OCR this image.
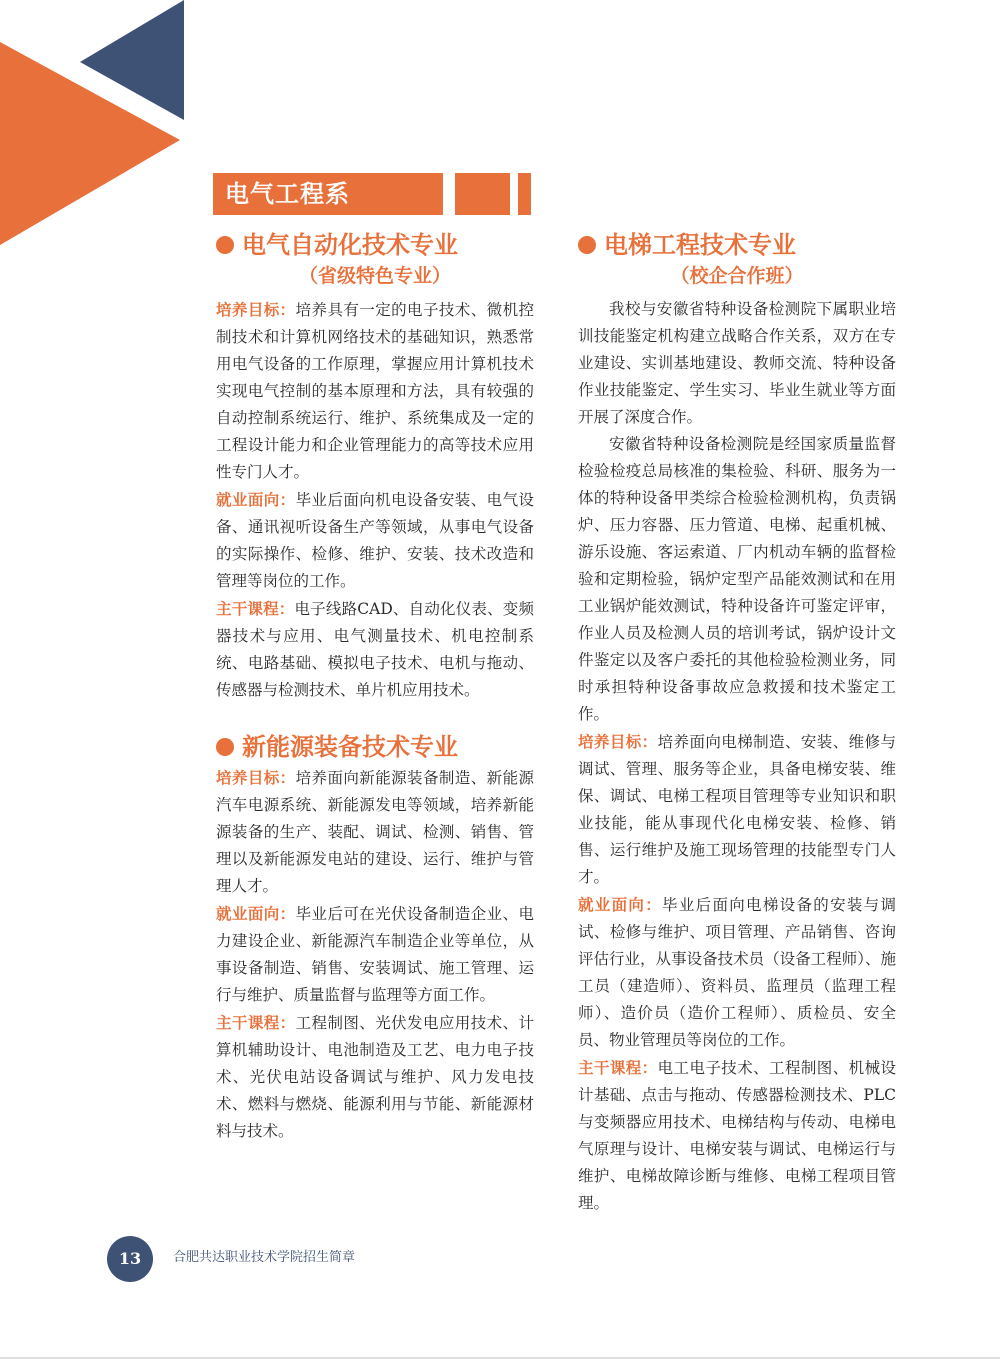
电气工程系
电气自动化技术专业
（省级特色专业）

培养目标：培养具有一定的电子技术、微机控制技术和计算机网络技术的基础知识，熟悉常用电气设备的工作原理，掌握应用计算机技术实现电气控制的基本原理和方法，具有较强的自动控制系统运行、维护、系统集成及一定的工程设计能力和企业管理能力的高等技术应用性专门人才。

就业面向：毕业后面向机电设备安装、电气设备、通讯视听设备生产等领域，从事电气设备的实际操作、检修、维护、安装、技术改造和管理等岗位的工作。

主干课程：电子线路CAD、自动化仪表、变频器技术与应用、电气测量技术、机电控制系统、电路基础、模拟电子技术、电机与拖动、传感器与检测技术、单片机应用技术。

新能源装备技术专业

培养目标：培养面向新能源装备制造、新能源汽车电源系统、新能源发电等领域，培养新能源装备的生产、装配、调试、检测、销售、管理以及新能源发电站的建设、运行、维护与管理人才。

就业面向：毕业后可在光伏设备制造企业、电力建设企业、新能源汽车制造企业等单位，从事设备制造、销售、安装调试、施工管理、运行与维护、质量监督与监理等方面工作。

主干课程：工程制图、光伏发电应用技术、计算机辅助设计、电池制造及工艺、电力电子技术、光伏电站设备调试与维护、风力发电技术、燃料与燃烧、能源利用与节能、新能源材料与技术。

电梯工程技术专业
（校企合作班）

我校与安徽省特种设备检测院下属职业培训技能鉴定机构建立战略合作关系，双方在专业建设、实训基地建设、教师交流、特种设备作业技能鉴定、学生实习、毕业生就业等方面开展了深度合作。

安徽省特种设备检测院是经国家质量监督检验检疫总局核准的集检验、科研、服务为一体的特种设备甲类综合检验检测机构，负责锅炉、压力容器、压力管道、电梯、起重机械、游乐设施、客运索道、厂内机动车辆的监督检验和定期检验，锅炉定型产品能效测试和在用工业锅炉能效测试，特种设备许可鉴定评审，作业人员及检测人员的培训考试，锅炉设计文件鉴定以及客户委托的其他检验检测业务，同时承担特种设备事故应急救援和技术鉴定工作。

培养目标：培养面向电梯制造、安装、维修与调试、管理、服务等企业，具备电梯安装、维保、调试、电梯工程项目管理等专业知识和职业技能，能从事现代化电梯安装、检修、销售、运行维护及施工现场管理的技能型专门人才。

就业面向：毕业后面向电梯设备的安装与调试、检修与维护、项目管理、产品销售、咨询评估行业，从事设备技术员（设备工程师）、施工员（建造师）、资料员、监理员（监理工程师）、造价员（造价工程师）、质检员、安全员、物业管理员等岗位的工作。

主干课程：电工电子技术、工程制图、机械设计基础、点击与拖动、传感器检测技术、PLC与变频器应用技术、电梯结构与传动、电梯电气原理与设计、电梯安装与调试、电梯运行与维护、电梯故障诊断与维修、电梯工程项目管理。

13	合肥共达职业技术学院招生简章
